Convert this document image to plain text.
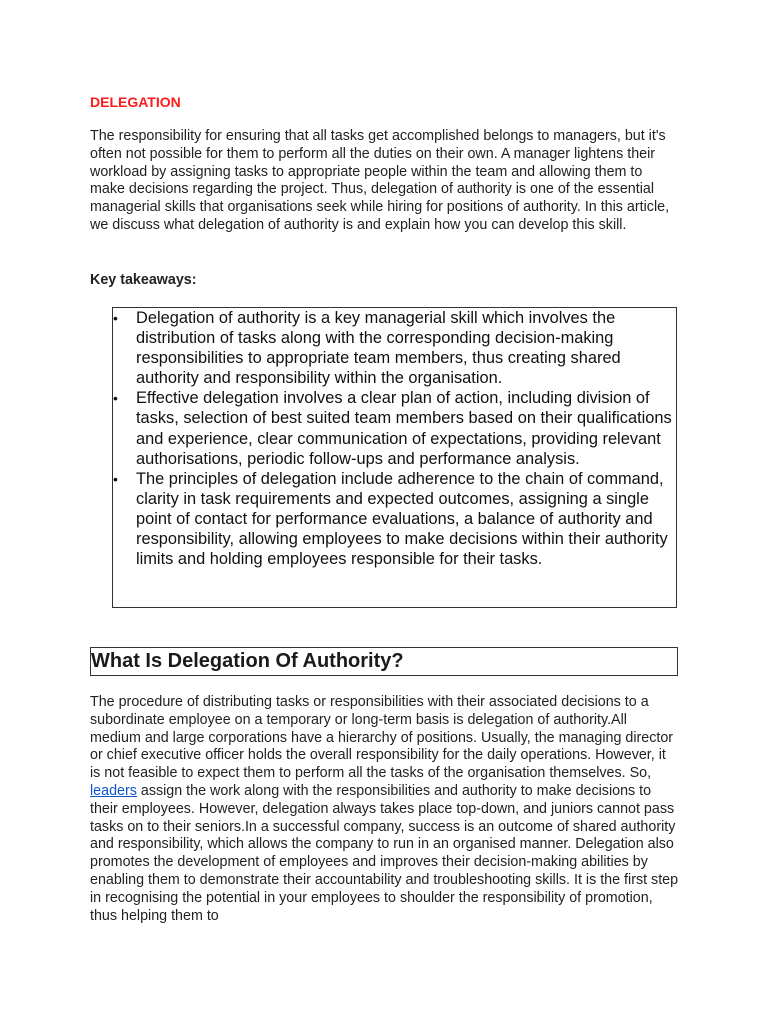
DELEGATION

The responsibility for ensuring that all tasks get accomplished belongs to managers, but it's often not possible for them to perform all the duties on their own. A manager lightens their workload by assigning tasks to appropriate people within the team and allowing them to make decisions regarding the project. Thus, delegation of authority is one of the essential managerial skills that organisations seek while hiring for positions of authority. In this article, we discuss what delegation of authority is and explain how you can develop this skill.

Key takeaways:

• Delegation of authority is a key managerial skill which involves the distribution of tasks along with the corresponding decision-making responsibilities to appropriate team members, thus creating shared authority and responsibility within the organisation.
• Effective delegation involves a clear plan of action, including division of tasks, selection of best suited team members based on their qualifications and experience, clear communication of expectations, providing relevant authorisations, periodic follow-ups and performance analysis.
• The principles of delegation include adherence to the chain of command, clarity in task requirements and expected outcomes, assigning a single point of contact for performance evaluations, a balance of authority and responsibility, allowing employees to make decisions within their authority limits and holding employees responsible for their tasks.
What Is Delegation Of Authority?

The procedure of distributing tasks or responsibilities with their associated decisions to a subordinate employee on a temporary or long-term basis is delegation of authority.All medium and large corporations have a hierarchy of positions. Usually, the managing director or chief executive officer holds the overall responsibility for the daily operations. However, it is not feasible to expect them to perform all the tasks of the organisation themselves. So, leaders assign the work along with the responsibilities and authority to make decisions to their employees. However, delegation always takes place top-down, and juniors cannot pass tasks on to their seniors.In a successful company, success is an outcome of shared authority and responsibility, which allows the company to run in an organised manner. Delegation also promotes the development of employees and improves their decision-making abilities by enabling them to demonstrate their accountability and troubleshooting skills. It is the first step in recognising the potential in your employees to shoulder the responsibility of promotion, thus helping them to
